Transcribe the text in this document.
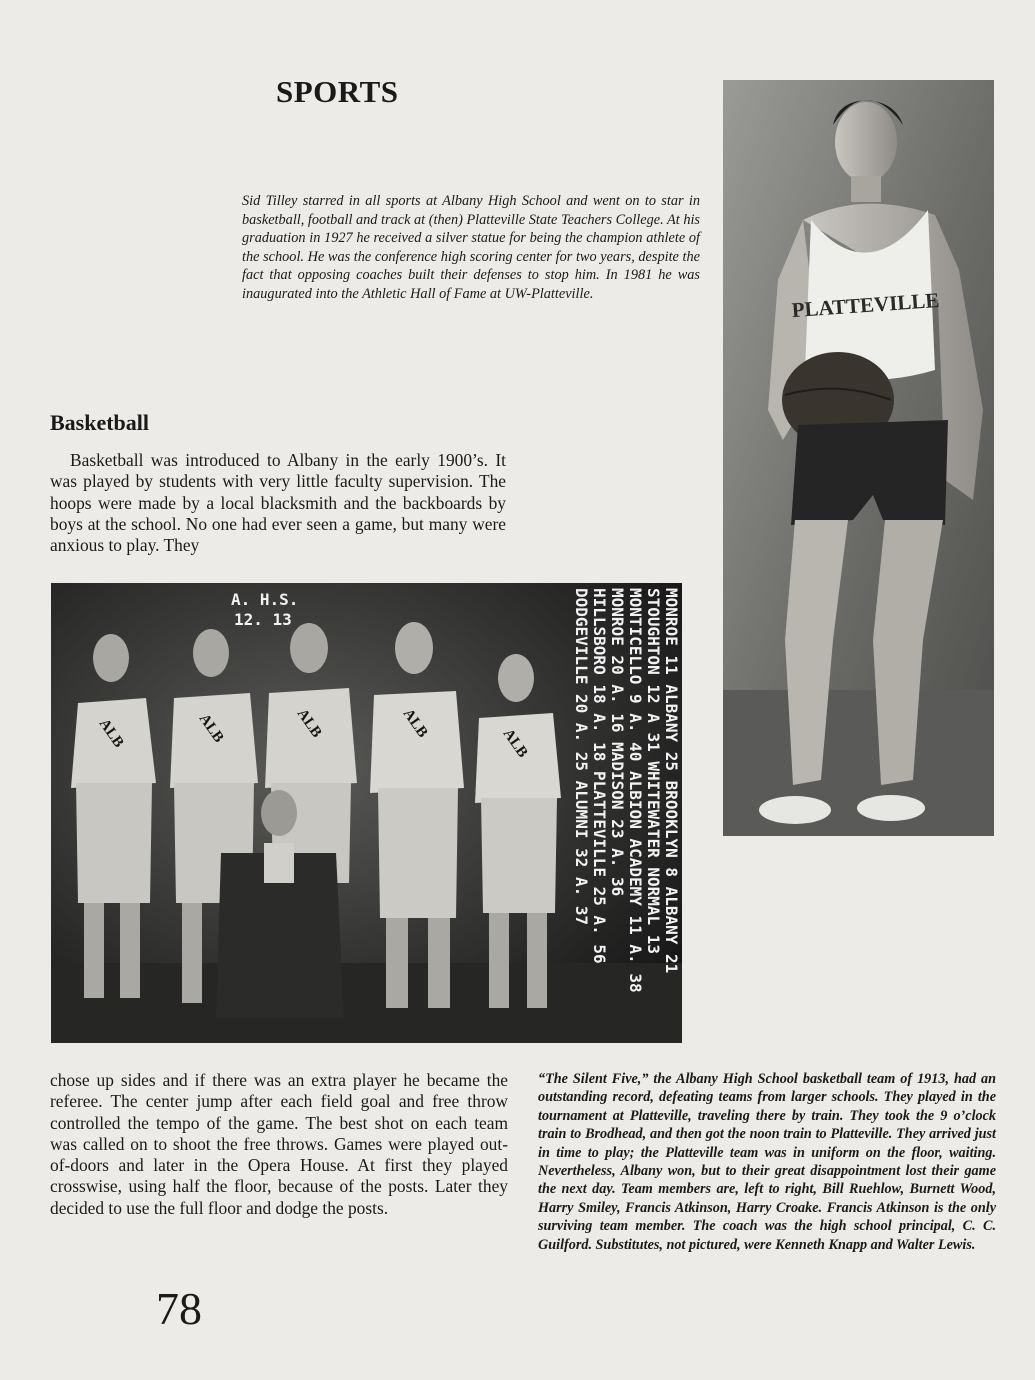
SPORTS

Sid Tilley starred in all sports at Albany High School and went on to star in basketball, football and track at (then) Platteville State Teachers College. At his graduation in 1927 he received a silver statue for being the champion athlete of the school. He was the conference high scoring center for two years, despite the fact that opposing coaches built their defenses to stop him. In 1981 he was inaugurated into the Athletic Hall of Fame at UW-Platteville.	PLATTEVILLE
Basketball

Basketball was introduced to Albany in the early 1900’s. It was played by students with very little faculty supervision. The hoops were made by a local blacksmith and the backboards by boys at the school. No one had ever seen a game, but many were anxious to play. They

ALB	ALB	ALB	ALB
ALB
A. H.S.
12. 13	MONROE 11 ALBANY 25 BROOKLYN 8 ALBANY 21
STOUGHTON 12 A 31 WHITEWATER NORMAL 13
MONTICELLO 9 A. 40 ALBION ACADEMY 11 A. 38
MONROE 20 A. 16 MADISON 23 A. 36
HILLSBORO 18 A. 18 PLATTEVILLE 25 A. 56
DODGEVILLE 20 A. 25 ALUMNI 32 A. 37

chose up sides and if there was an extra player he became the referee. The center jump after each field goal and free throw controlled the tempo of the game. The best shot on each team was called on to shoot the free throws. Games were played out-of-doors and later in the Opera House. At first they played crosswise, using half the floor, because of the posts. Later they decided to use the full floor and dodge the posts.

“The Silent Five,” the Albany High School basketball team of 1913, had an outstanding record, defeating teams from larger schools. They played in the tournament at Platteville, traveling there by train. They took the 9 o’clock train to Brodhead, and then got the noon train to Platteville. They arrived just in time to play; the Platteville team was in uniform on the floor, waiting. Nevertheless, Albany won, but to their great disappointment lost their game the next day. Team members are, left to right, Bill Ruehlow, Burnett Wood, Harry Smiley, Francis Atkinson, Harry Croake. Francis Atkinson is the only surviving team member. The coach was the high school principal, C. C. Guilford. Substitutes, not pictured, were Kenneth Knapp and Walter Lewis.

78
